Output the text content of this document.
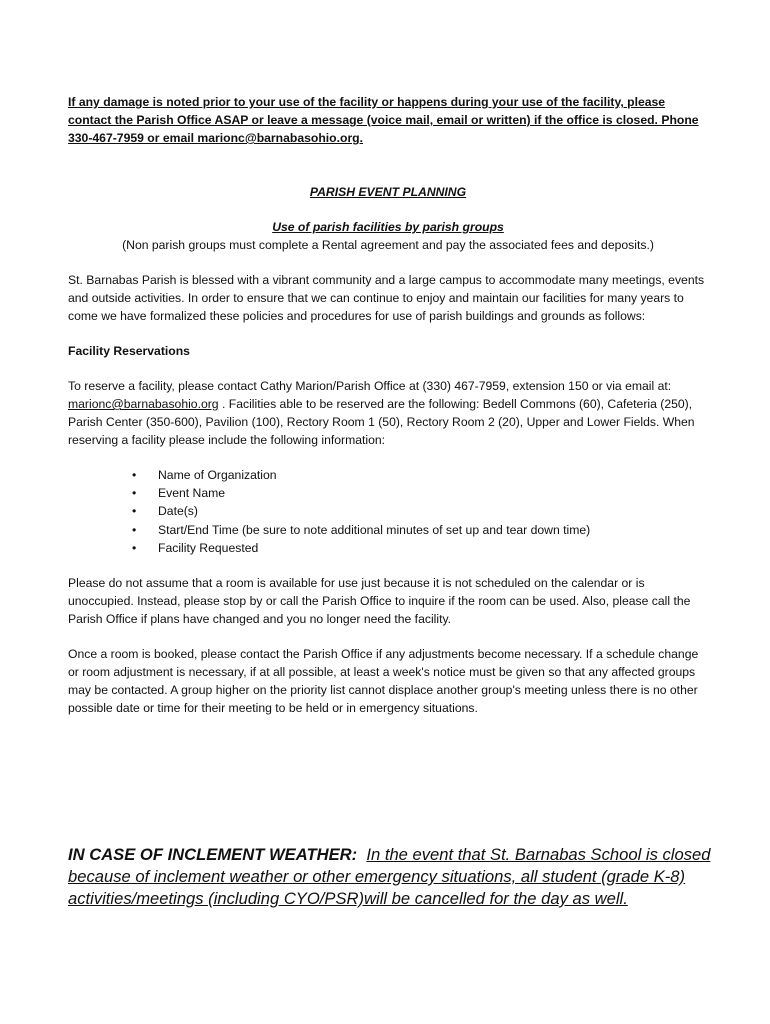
If any damage is noted prior to your use of the facility or happens during your use of the facility, please contact the Parish Office ASAP or leave a message (voice mail, email or written) if the office is closed. Phone 330-467-7959 or email marionc@barnabasohio.org.

PARISH EVENT PLANNING

Use of parish facilities by parish groups

(Non parish groups must complete a Rental agreement and pay the associated fees and deposits.)

St. Barnabas Parish is blessed with a vibrant community and a large campus to accommodate many meetings, events and outside activities. In order to ensure that we can continue to enjoy and maintain our facilities for many years to come we have formalized these policies and procedures for use of parish buildings and grounds as follows:

Facility Reservations

To reserve a facility, please contact Cathy Marion/Parish Office at (330) 467-7959, extension 150 or via email at: marionc@barnabasohio.org . Facilities able to be reserved are the following: Bedell Commons (60), Cafeteria (250), Parish Center (350-600), Pavilion (100), Rectory Room 1 (50), Rectory Room 2 (20), Upper and Lower Fields. When reserving a facility please include the following information:

• Name of Organization
• Event Name
• Date(s)
• Start/End Time (be sure to note additional minutes of set up and tear down time)
• Facility Requested

Please do not assume that a room is available for use just because it is not scheduled on the calendar or is unoccupied. Instead, please stop by or call the Parish Office to inquire if the room can be used. Also, please call the Parish Office if plans have changed and you no longer need the facility.

Once a room is booked, please contact the Parish Office if any adjustments become necessary. If a schedule change or room adjustment is necessary, if at all possible, at least a week's notice must be given so that any affected groups may be contacted. A group higher on the priority list cannot displace another group's meeting unless there is no other possible date or time for their meeting to be held or in emergency situations.

IN CASE OF INCLEMENT WEATHER: In the event that St. Barnabas School is closed because of inclement weather or other emergency situations, all student (grade K-8) activities/meetings (including CYO/PSR)will be cancelled for the day as well.
